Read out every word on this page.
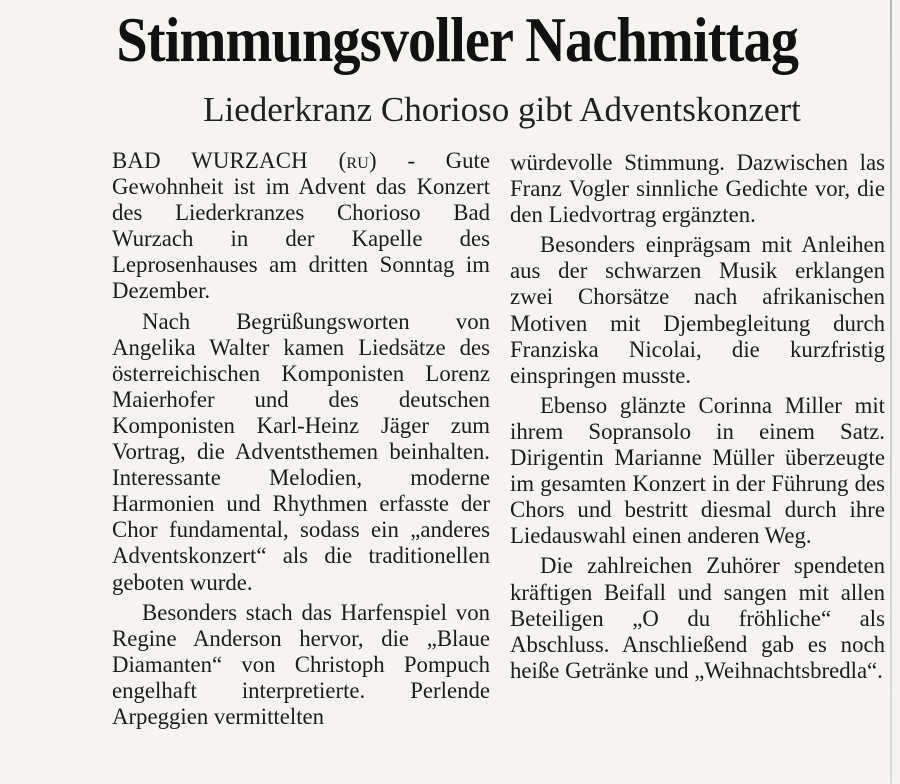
Stimmungsvoller Nachmittag
Liederkranz Chorioso gibt Adventskonzert

BAD WURZACH (ru) - Gute Gewohnheit ist im Advent das Konzert des Liederkranzes Chorioso Bad Wurzach in der Kapelle des Leprosenhauses am dritten Sonntag im Dezember.

Nach Begrüßungsworten von Angelika Walter kamen Liedsätze des österreichischen Komponisten Lorenz Maierhofer und des deutschen Komponisten Karl-Heinz Jäger zum Vortrag, die Adventsthemen beinhalten. Interessante Melodien, moderne Harmonien und Rhythmen erfasste der Chor fundamental, sodass ein „anderes Adventskonzert“ als die traditionellen geboten wurde.

Besonders stach das Harfenspiel von Regine Anderson hervor, die „Blaue Diamanten“ von Christoph Pompuch engelhaft interpretierte. Perlende Arpeggien vermittelten

würdevolle Stimmung. Dazwischen las Franz Vogler sinnliche Gedichte vor, die den Liedvortrag ergänzten.

Besonders einprägsam mit Anleihen aus der schwarzen Musik erklangen zwei Chorsätze nach afrikanischen Motiven mit Djembegleitung durch Franziska Nicolai, die kurzfristig einspringen musste.

Ebenso glänzte Corinna Miller mit ihrem Sopransolo in einem Satz. Dirigentin Marianne Müller überzeugte im gesamten Konzert in der Führung des Chors und bestritt diesmal durch ihre Liedauswahl einen anderen Weg.

Die zahlreichen Zuhörer spendeten kräftigen Beifall und sangen mit allen Beteiligen „O du fröhliche“ als Abschluss. Anschließend gab es noch heiße Getränke und „Weihnachtsbredla“.
